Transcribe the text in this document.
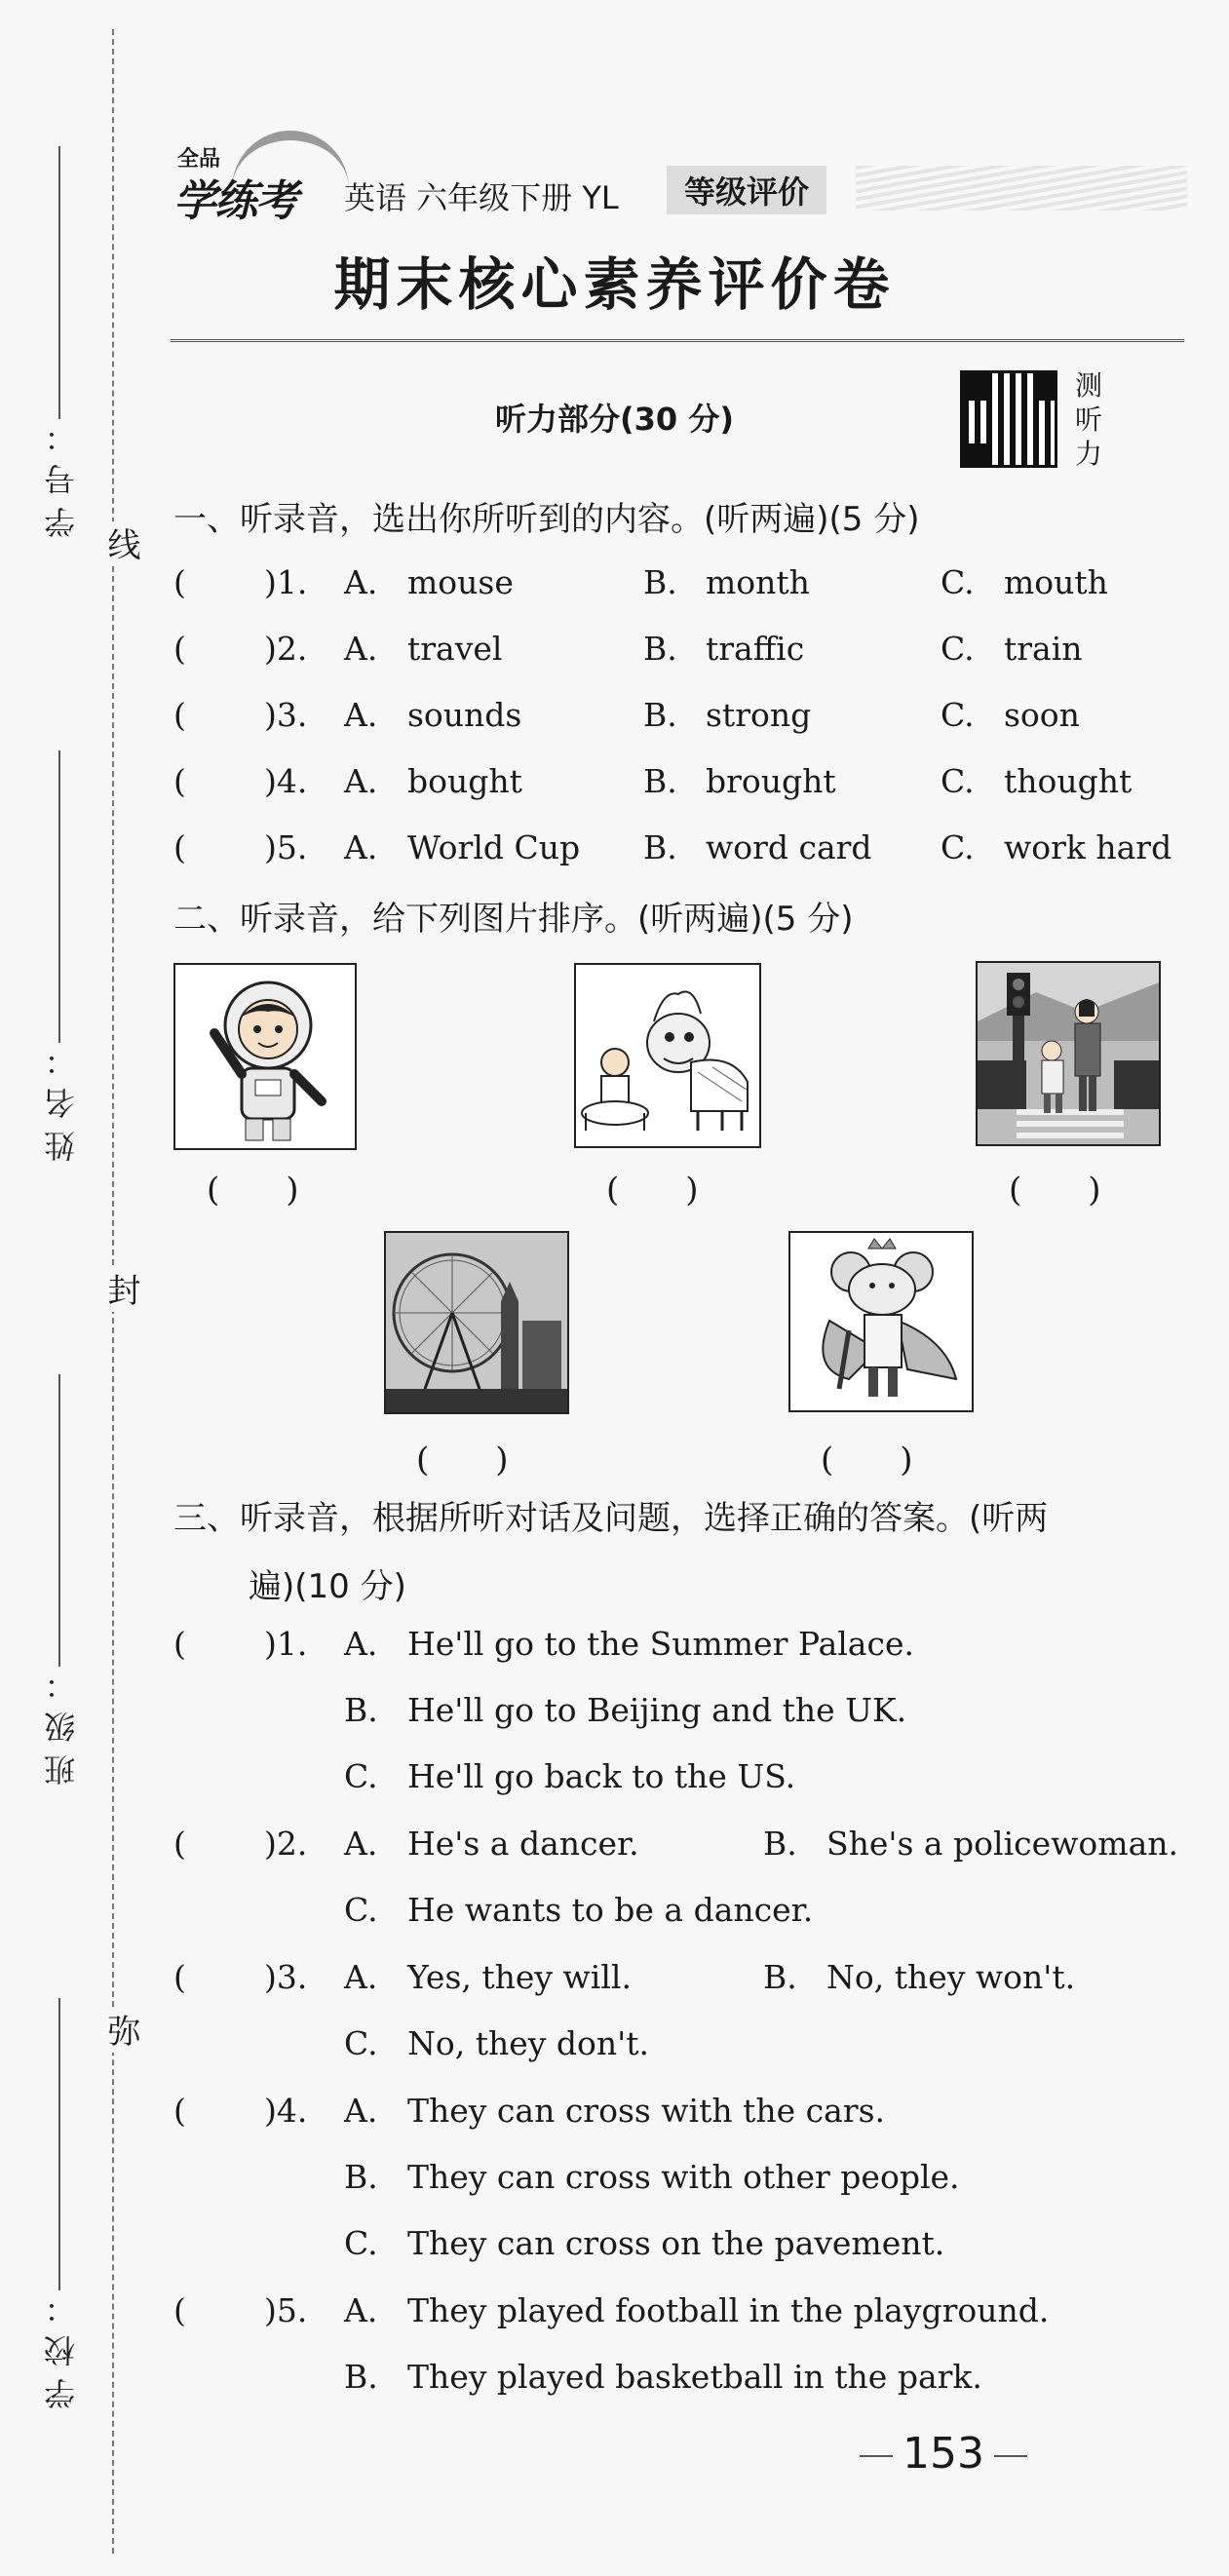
学号：
姓名：
班级：
学校：
线
封
弥
全品
学练考 英语 六年级下册 YL	等级评价
期末核心素养评价卷
听力部分(30 分)
测
听
力
一、听录音，选出你所听到的内容。(听两遍)(5 分)
( )1. A. mouse	B. month	C. mouth
( )2. A. travel	B. traffic	C. train
( )3. A. sounds	B. strong	C. soon
( )4. A. bought	B. brought	C. thought
( )5. A. World Cup B. word card C. work hard
二、听录音，给下列图片排序。(听两遍)(5 分)
(　　)	(　　)	(　　)
(　　)	(　　)
三、听录音，根据所听对话及问题，选择正确的答案。(听两
遍)(10 分)
( )1. A. He'll go to the Summer Palace.
B. He'll go to Beijing and the UK.
C. He'll go back to the US.
( )2. A. He's a dancer.	B. She's a policewoman.
C. He wants to be a dancer.
( )3. A. Yes, they will.	B. No, they won't.
C. No, they don't.
( )4. A. They can cross with the cars.
B. They can cross with other people.
C. They can cross on the pavement.
( )5. A. They played football in the playground.
B. They played basketball in the park.
153
